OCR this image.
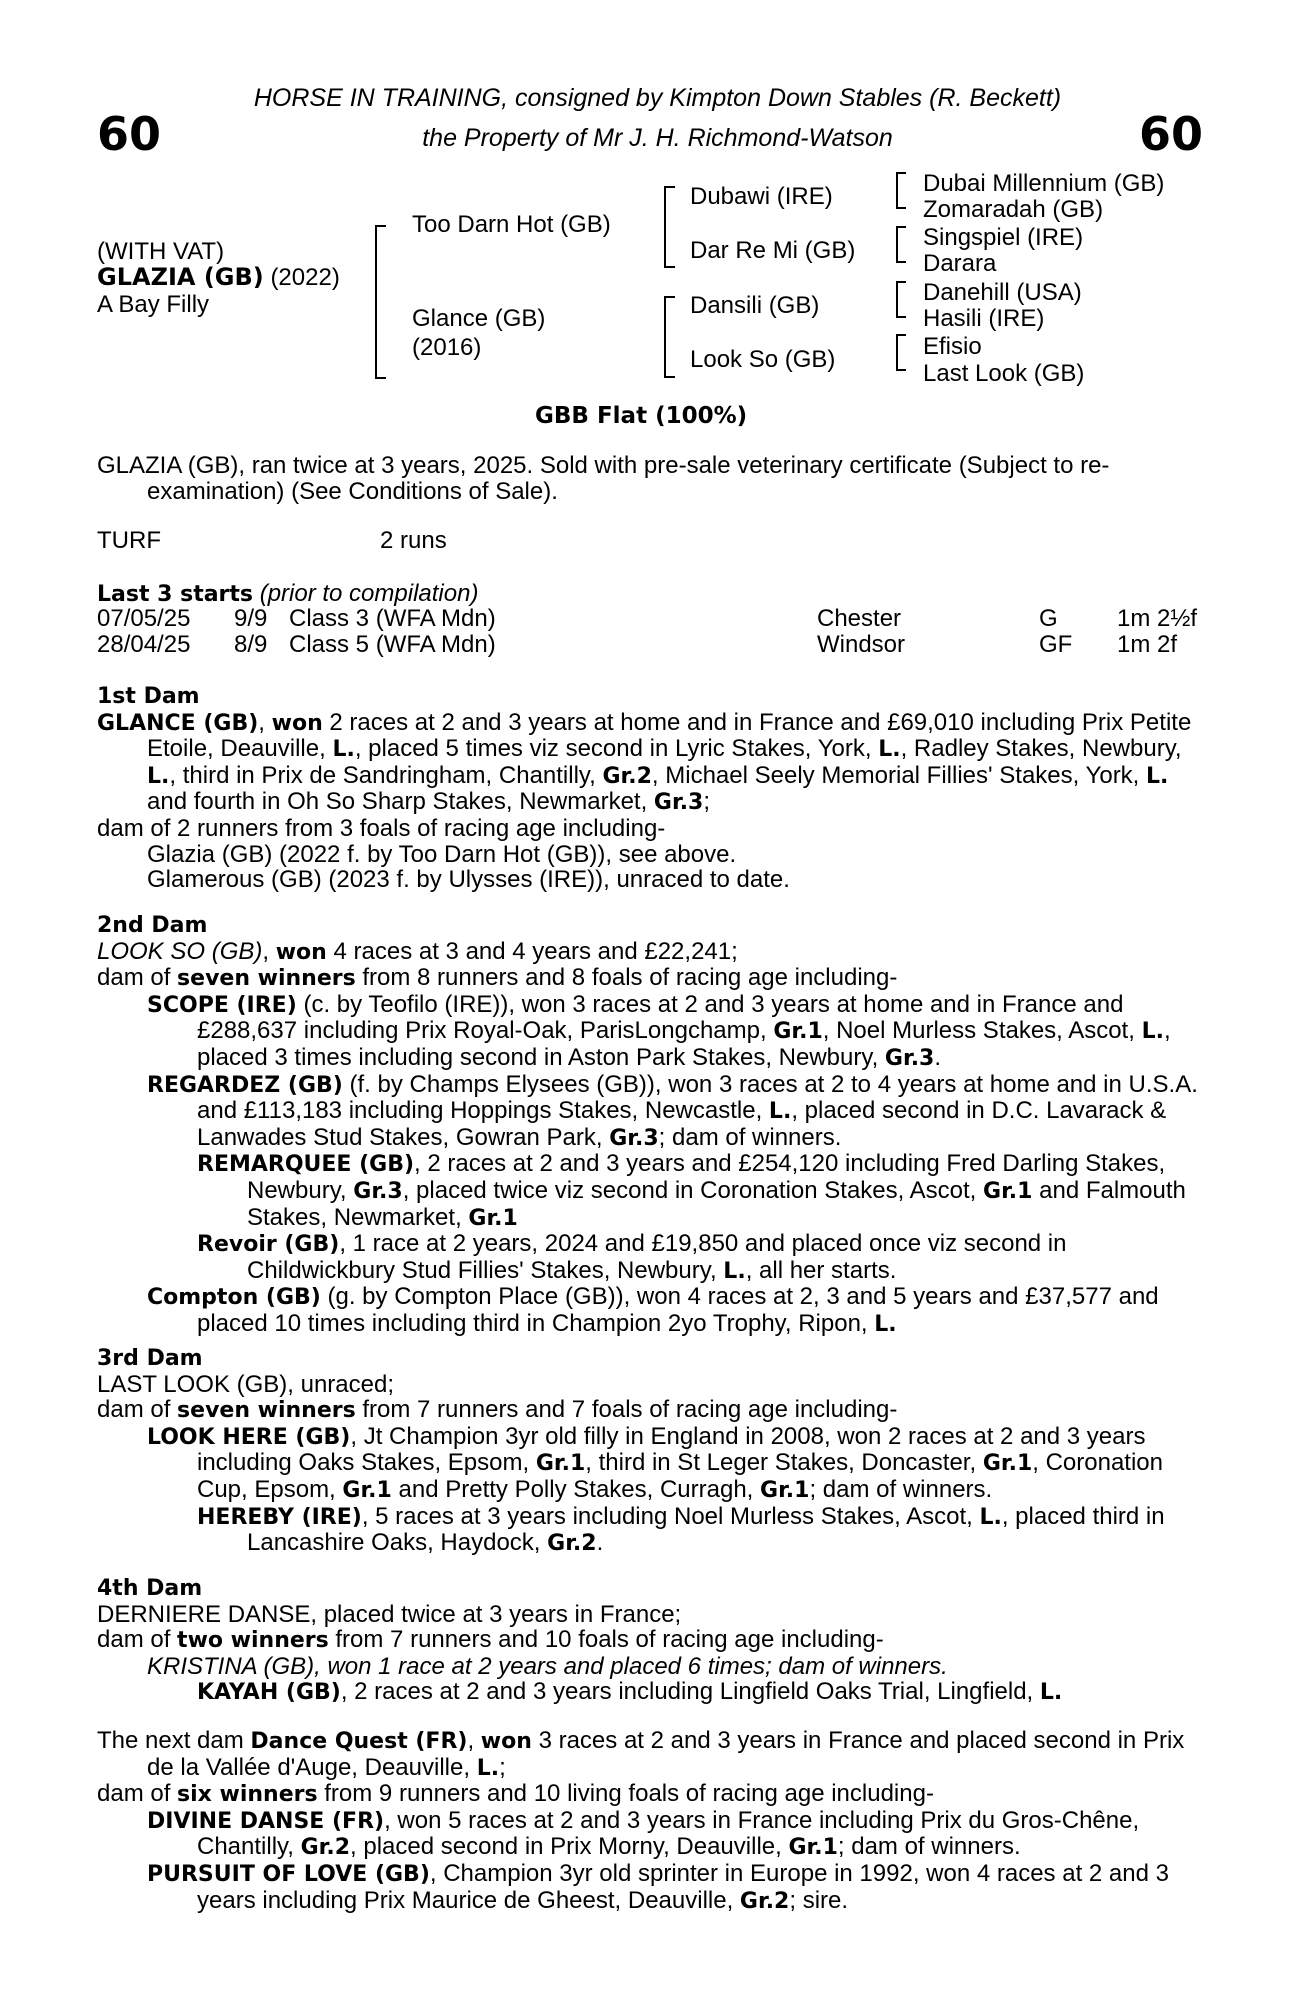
60	60
HORSE IN TRAINING, consigned by Kimpton Down Stables (R. Beckett)
the Property of Mr J. H. Richmond-Watson
(WITH VAT)
GLAZIA (GB) (2022)
A Bay Filly
Too Darn Hot (GB)
Glance (GB)
(2016)
Dubawi (IRE)
Dar Re Mi (GB)
Dansili (GB)
Look So (GB)
Dubai Millennium (GB)
Zomaradah (GB)
Singspiel (IRE)
Darara
Danehill (USA)
Hasili (IRE)
Efisio
Last Look (GB)
GBB Flat (100%)

GLAZIA (GB), ran twice at 3 years, 2025. Sold with pre-sale veterinary certificate (Subject to re-examination) (See Conditions of Sale).

TURF	2 runs
Last 3 starts (prior to compilation)
07/05/25 9/9 Class 3 (WFA Mdn)	Chester	G 1m 2½f
28/04/25 8/9 Class 5 (WFA Mdn)	Windsor	GF 1m 2f

1st Dam

GLANCE (GB), won 2 races at 2 and 3 years at home and in France and £69,010 including Prix Petite Etoile, Deauville, L., placed 5 times viz second in Lyric Stakes, York, L., Radley Stakes, Newbury, L., third in Prix de Sandringham, Chantilly, Gr.2, Michael Seely Memorial Fillies' Stakes, York, L. and fourth in Oh So Sharp Stakes, Newmarket, Gr.3;

dam of 2 runners from 3 foals of racing age including-

Glazia (GB) (2022 f. by Too Darn Hot (GB)), see above.

Glamerous (GB) (2023 f. by Ulysses (IRE)), unraced to date.

2nd Dam

LOOK SO (GB), won 4 races at 3 and 4 years and £22,241;

dam of seven winners from 8 runners and 8 foals of racing age including-

SCOPE (IRE) (c. by Teofilo (IRE)), won 3 races at 2 and 3 years at home and in France and £288,637 including Prix Royal-Oak, ParisLongchamp, Gr.1, Noel Murless Stakes, Ascot, L., placed 3 times including second in Aston Park Stakes, Newbury, Gr.3.

REGARDEZ (GB) (f. by Champs Elysees (GB)), won 3 races at 2 to 4 years at home and in U.S.A. and £113,183 including Hoppings Stakes, Newcastle, L., placed second in D.C. Lavarack & Lanwades Stud Stakes, Gowran Park, Gr.3; dam of winners.

REMARQUEE (GB), 2 races at 2 and 3 years and £254,120 including Fred Darling Stakes, Newbury, Gr.3, placed twice viz second in Coronation Stakes, Ascot, Gr.1 and Falmouth Stakes, Newmarket, Gr.1

Revoir (GB), 1 race at 2 years, 2024 and £19,850 and placed once viz second in Childwickbury Stud Fillies' Stakes, Newbury, L., all her starts.

Compton (GB) (g. by Compton Place (GB)), won 4 races at 2, 3 and 5 years and £37,577 and placed 10 times including third in Champion 2yo Trophy, Ripon, L.

3rd Dam

LAST LOOK (GB), unraced;

dam of seven winners from 7 runners and 7 foals of racing age including-

LOOK HERE (GB), Jt Champion 3yr old filly in England in 2008, won 2 races at 2 and 3 years including Oaks Stakes, Epsom, Gr.1, third in St Leger Stakes, Doncaster, Gr.1, Coronation Cup, Epsom, Gr.1 and Pretty Polly Stakes, Curragh, Gr.1; dam of winners.

HEREBY (IRE), 5 races at 3 years including Noel Murless Stakes, Ascot, L., placed third in Lancashire Oaks, Haydock, Gr.2.

4th Dam

DERNIERE DANSE, placed twice at 3 years in France;

dam of two winners from 7 runners and 10 foals of racing age including-

KRISTINA (GB), won 1 race at 2 years and placed 6 times; dam of winners.

KAYAH (GB), 2 races at 2 and 3 years including Lingfield Oaks Trial, Lingfield, L.

The next dam Dance Quest (FR), won 3 races at 2 and 3 years in France and placed second in Prix de la Vallée d'Auge, Deauville, L.;

dam of six winners from 9 runners and 10 living foals of racing age including-

DIVINE DANSE (FR), won 5 races at 2 and 3 years in France including Prix du Gros-Chêne, Chantilly, Gr.2, placed second in Prix Morny, Deauville, Gr.1; dam of winners.

PURSUIT OF LOVE (GB), Champion 3yr old sprinter in Europe in 1992, won 4 races at 2 and 3 years including Prix Maurice de Gheest, Deauville, Gr.2; sire.
